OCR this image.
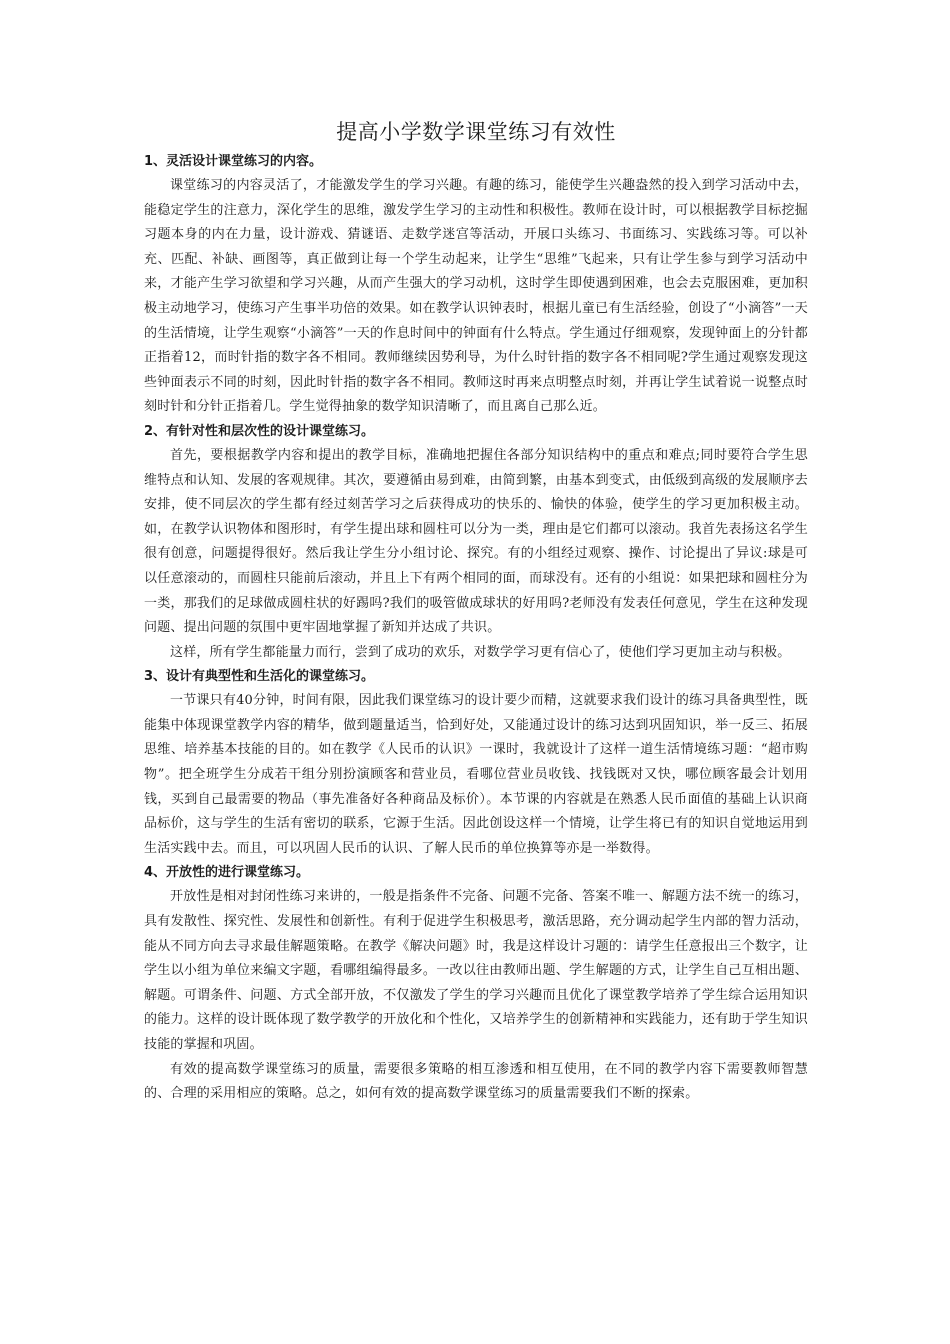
提高小学数学课堂练习有效性

1、灵活设计课堂练习的内容。

课堂练习的内容灵活了，才能激发学生的学习兴趣。有趣的练习，能使学生兴趣盎然的投入到学习活动中去，能稳定学生的注意力，深化学生的思维，激发学生学习的主动性和积极性。教师在设计时，可以根据教学目标挖掘习题本身的内在力量，设计游戏、猜谜语、走数学迷宫等活动，开展口头练习、书面练习、实践练习等。可以补充、匹配、补缺、画图等，真正做到让每一个学生动起来，让学生“思维”飞起来，只有让学生参与到学习活动中来，才能产生学习欲望和学习兴趣，从而产生强大的学习动机，这时学生即使遇到困难，也会去克服困难，更加积极主动地学习，使练习产生事半功倍的效果。如在教学认识钟表时，根据儿童已有生活经验，创设了“小滴答”一天的生活情境，让学生观察“小滴答”一天的作息时间中的钟面有什么特点。学生通过仔细观察，发现钟面上的分针都正指着12，而时针指的数字各不相同。教师继续因势利导，为什么时针指的数字各不相同呢?学生通过观察发现这些钟面表示不同的时刻，因此时针指的数字各不相同。教师这时再来点明整点时刻，并再让学生试着说一说整点时刻时针和分针正指着几。学生觉得抽象的数学知识清晰了，而且离自己那么近。

2、有针对性和层次性的设计课堂练习。

首先，要根据教学内容和提出的教学目标，准确地把握住各部分知识结构中的重点和难点;同时要符合学生思维特点和认知、发展的客观规律。其次，要遵循由易到难，由简到繁，由基本到变式，由低级到高级的发展顺序去安排，使不同层次的学生都有经过刻苦学习之后获得成功的快乐的、愉快的体验，使学生的学习更加积极主动。如，在教学认识物体和图形时，有学生提出球和圆柱可以分为一类，理由是它们都可以滚动。我首先表扬这名学生很有创意，问题提得很好。然后我让学生分小组讨论、探究。有的小组经过观察、操作、讨论提出了异议:球是可以任意滚动的，而圆柱只能前后滚动，并且上下有两个相同的面，而球没有。还有的小组说：如果把球和圆柱分为一类，那我们的足球做成圆柱状的好踢吗?我们的吸管做成球状的好用吗?老师没有发表任何意见，学生在这种发现问题、提出问题的氛围中更牢固地掌握了新知并达成了共识。

这样，所有学生都能量力而行，尝到了成功的欢乐，对数学学习更有信心了，使他们学习更加主动与积极。

3、设计有典型性和生活化的课堂练习。

一节课只有40分钟，时间有限，因此我们课堂练习的设计要少而精，这就要求我们设计的练习具备典型性，既能集中体现课堂教学内容的精华，做到题量适当，恰到好处，又能通过设计的练习达到巩固知识，举一反三、拓展思维、培养基本技能的目的。如在教学《人民币的认识》一课时，我就设计了这样一道生活情境练习题：“超市购物”。把全班学生分成若干组分别扮演顾客和营业员，看哪位营业员收钱、找钱既对又快，哪位顾客最会计划用钱，买到自己最需要的物品（事先准备好各种商品及标价）。本节课的内容就是在熟悉人民币面值的基础上认识商品标价，这与学生的生活有密切的联系，它源于生活。因此创设这样一个情境，让学生将已有的知识自觉地运用到生活实践中去。而且，可以巩固人民币的认识、了解人民币的单位换算等亦是一举数得。

4、开放性的进行课堂练习。

开放性是相对封闭性练习来讲的，一般是指条件不完备、问题不完备、答案不唯一、解题方法不统一的练习，具有发散性、探究性、发展性和创新性。有利于促进学生积极思考，激活思路，充分调动起学生内部的智力活动，能从不同方向去寻求最佳解题策略。在教学《解决问题》时，我是这样设计习题的：请学生任意报出三个数字，让学生以小组为单位来编文字题，看哪组编得最多。一改以往由教师出题、学生解题的方式，让学生自己互相出题、解题。可谓条件、问题、方式全部开放，不仅激发了学生的学习兴趣而且优化了课堂教学培养了学生综合运用知识的能力。这样的设计既体现了数学教学的开放化和个性化，又培养学生的创新精神和实践能力，还有助于学生知识技能的掌握和巩固。

有效的提高数学课堂练习的质量，需要很多策略的相互渗透和相互使用，在不同的教学内容下需要教师智慧的、合理的采用相应的策略。总之，如何有效的提高数学课堂练习的质量需要我们不断的探索。
